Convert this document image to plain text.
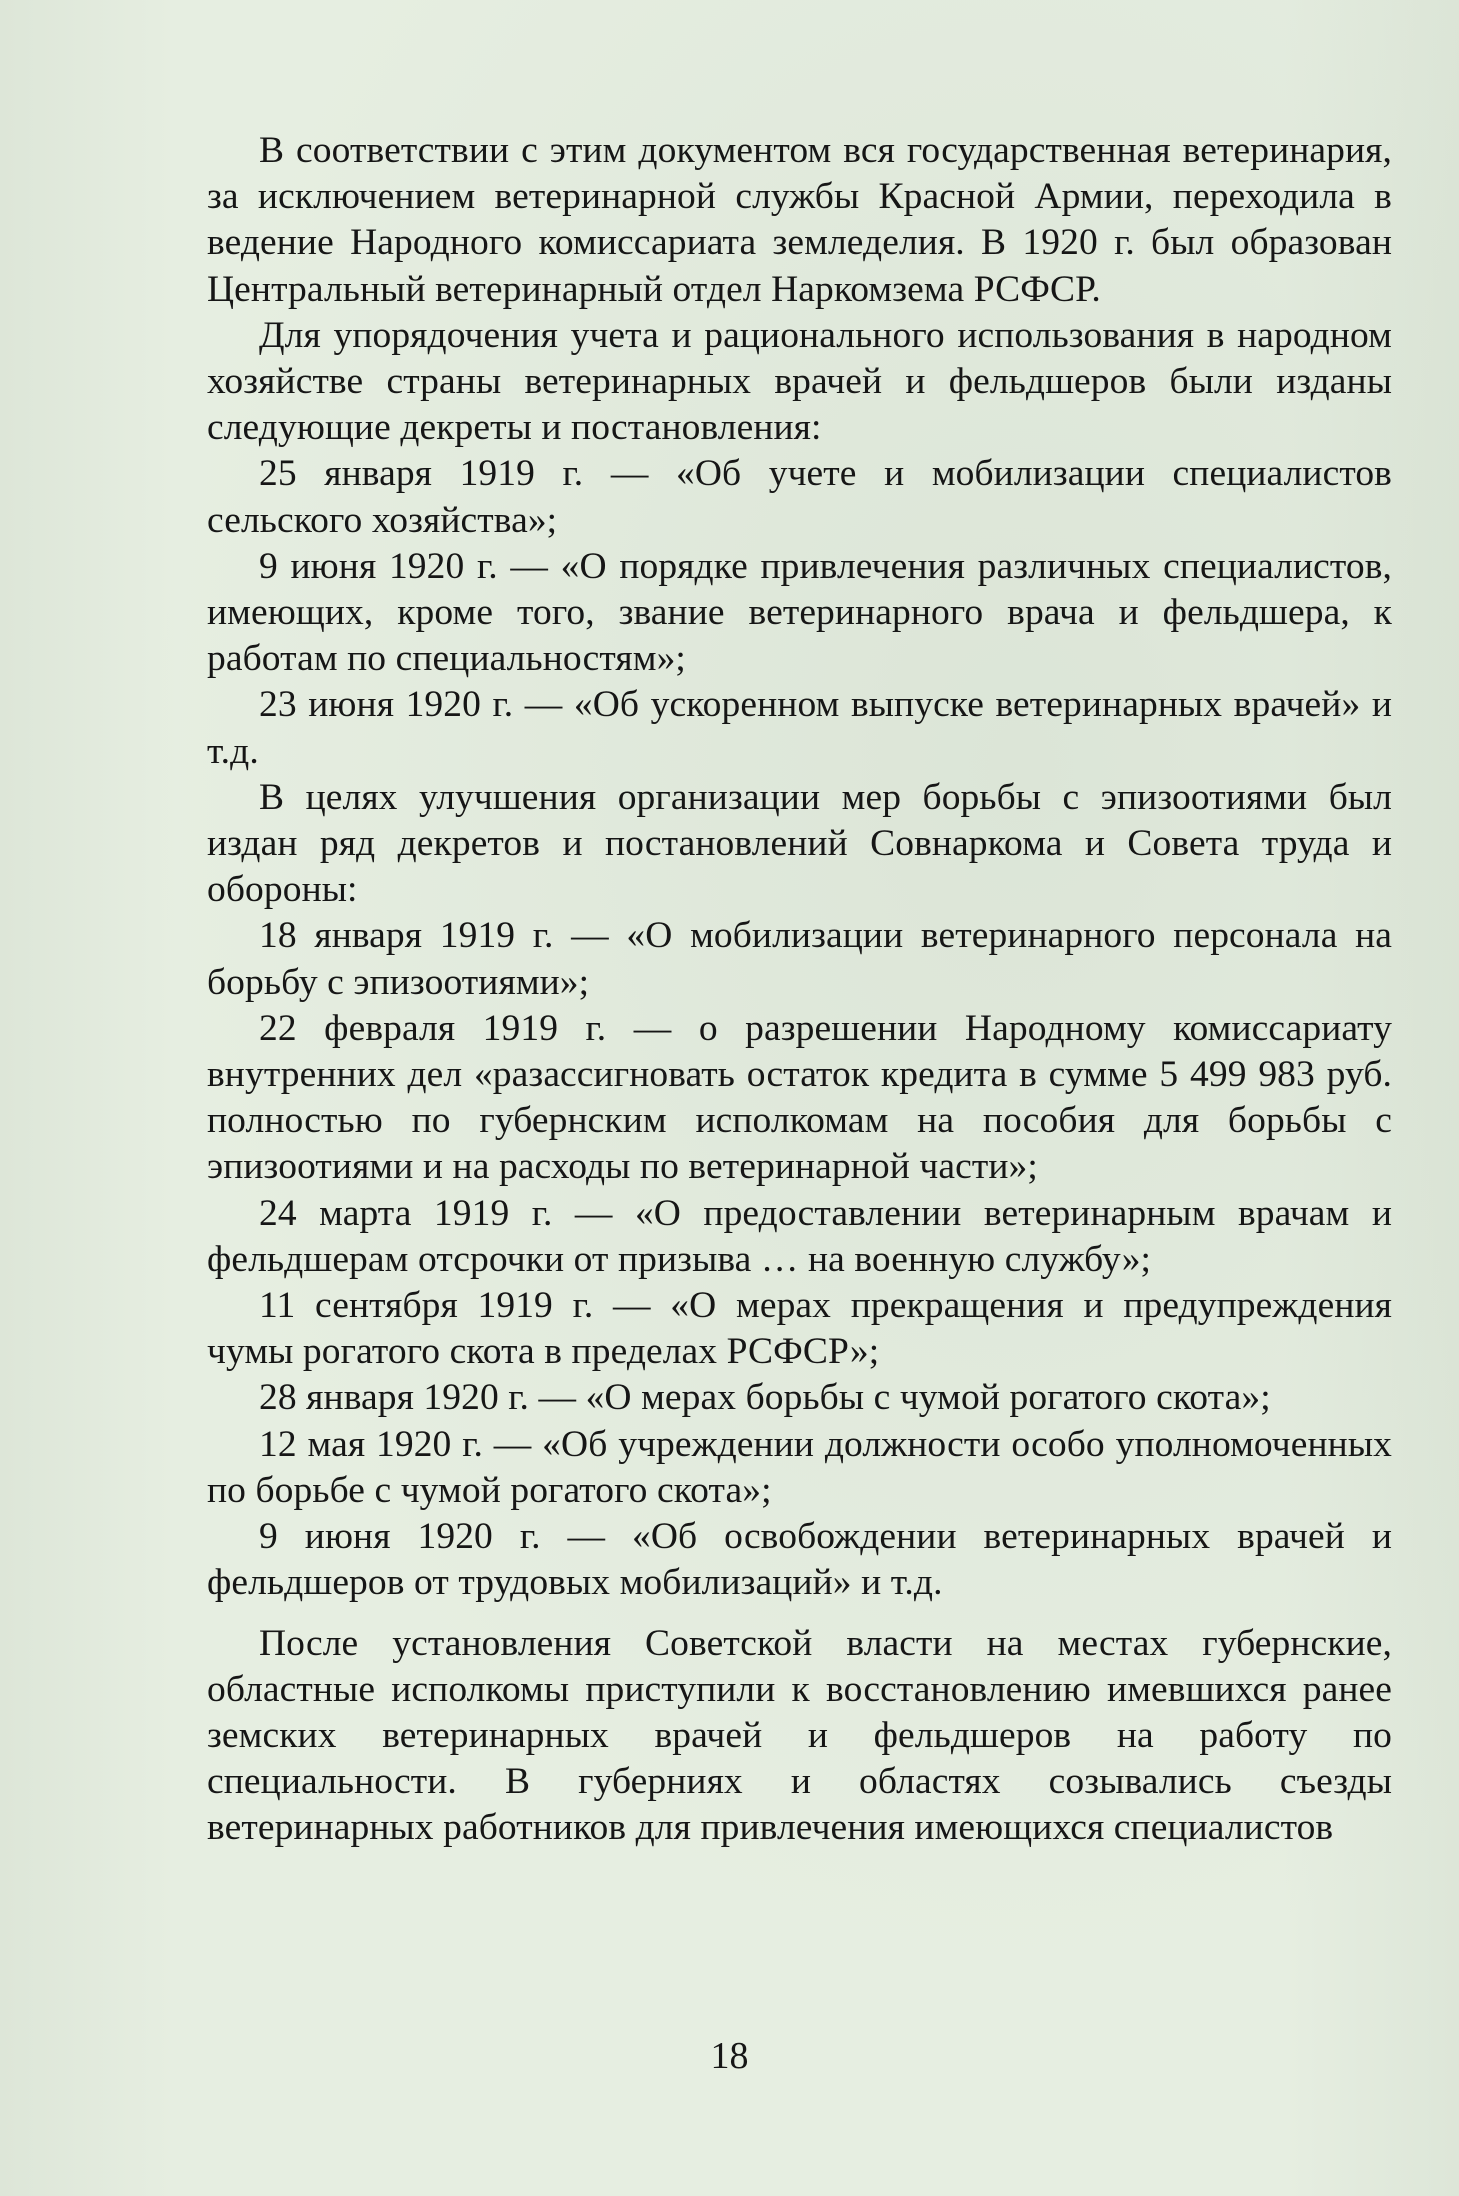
В соответствии с этим документом вся государственная ветеринария, за исключением ветеринарной службы Красной Армии, переходила в ведение Народного комиссариата земледелия. В 1920 г. был образован Центральный ветеринарный отдел Наркомзема РСФСР.

Для упорядочения учета и рационального использования в народном хозяйстве страны ветеринарных врачей и фельдшеров были изданы следующие декреты и постановления:

25 января 1919 г. — «Об учете и мобилизации специалистов сельского хозяйства»;

9 июня 1920 г. — «О порядке привлечения различных специалистов, имеющих, кроме того, звание ветеринарного врача и фельдшера, к работам по специальностям»;

23 июня 1920 г. — «Об ускоренном выпуске ветеринарных врачей» и т.д.

В целях улучшения организации мер борьбы с эпизоотиями был издан ряд декретов и постановлений Совнаркома и Совета труда и обороны:

18 января 1919 г. — «О мобилизации ветеринарного персонала на борьбу с эпизоотиями»;

22 февраля 1919 г. — о разрешении Народному комиссариату внутренних дел «разассигновать остаток кредита в сумме 5 499 983 руб. полностью по губернским исполкомам на пособия для борьбы с эпизоотиями и на расходы по ветеринарной части»;

24 марта 1919 г. — «О предоставлении ветеринарным врачам и фельдшерам отсрочки от призыва … на военную службу»;

11 сентября 1919 г. — «О мерах прекращения и предупреждения чумы рогатого скота в пределах РСФСР»;

28 января 1920 г. — «О мерах борьбы с чумой рогатого скота»;

12 мая 1920 г. — «Об учреждении должности особо уполномоченных по борьбе с чумой рогатого скота»;

9 июня 1920 г. — «Об освобождении ветеринарных врачей и фельдшеров от трудовых мобилизаций» и т.д.

После установления Советской власти на местах губернские, областные исполкомы приступили к восстановлению имевшихся ранее земских ветеринарных врачей и фельдшеров на работу по специальности. В губерниях и областях созывались съезды ветеринарных работников для привлечения имеющихся специалистов

18
